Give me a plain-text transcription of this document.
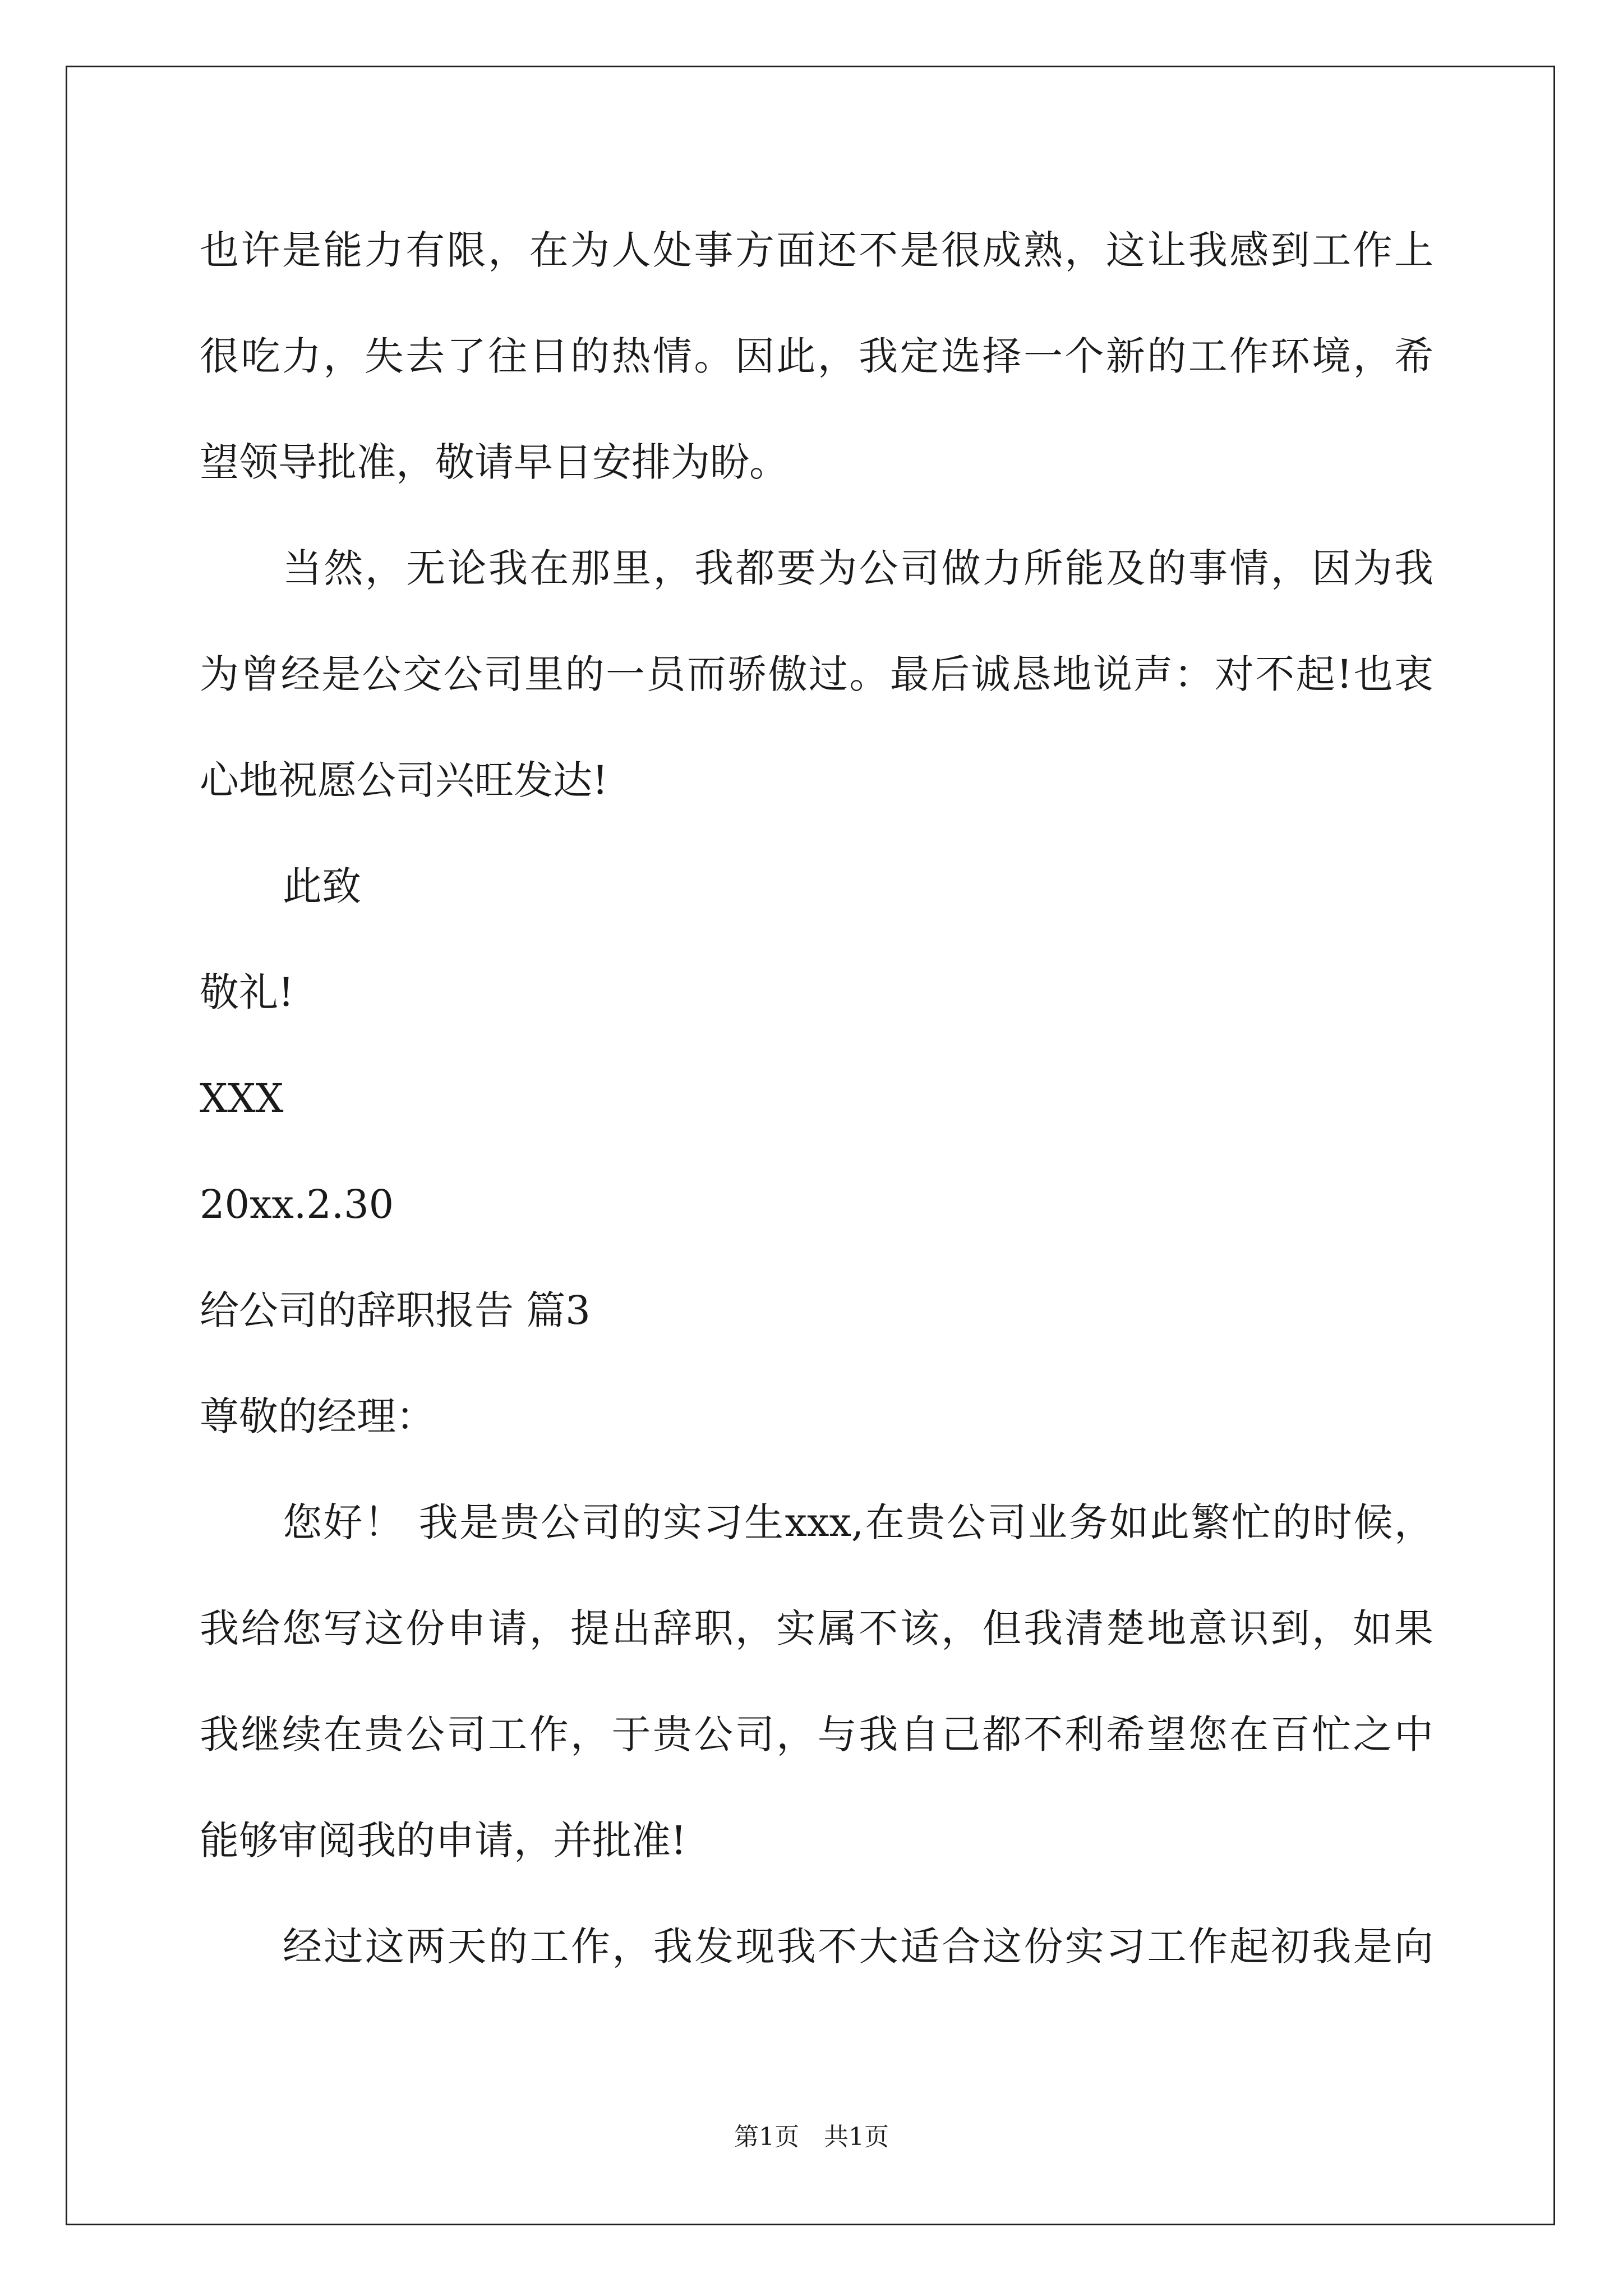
也许是能力有限，在为人处事方面还不是很成熟，这让我感到工作上
很吃力，失去了往日的热情。因此，我定选择一个新的工作环境，希
望领导批准，敬请早日安排为盼。
当然，无论我在那里，我都要为公司做力所能及的事情，因为我
为曾经是公交公司里的一员而骄傲过。最后诚恳地说声：对不起!也衷
心地祝愿公司兴旺发达!
此致
敬礼!
XXX
20xx.2.30
给公司的辞职报告 篇3
尊敬的经理：
您好！ 我是贵公司的实习生xxx,在贵公司业务如此繁忙的时候，
我给您写这份申请，提出辞职，实属不该，但我清楚地意识到，如果
我继续在贵公司工作，于贵公司，与我自己都不利希望您在百忙之中
能够审阅我的申请，并批准!
经过这两天的工作，我发现我不大适合这份实习工作起初我是向
第1页　共1页
